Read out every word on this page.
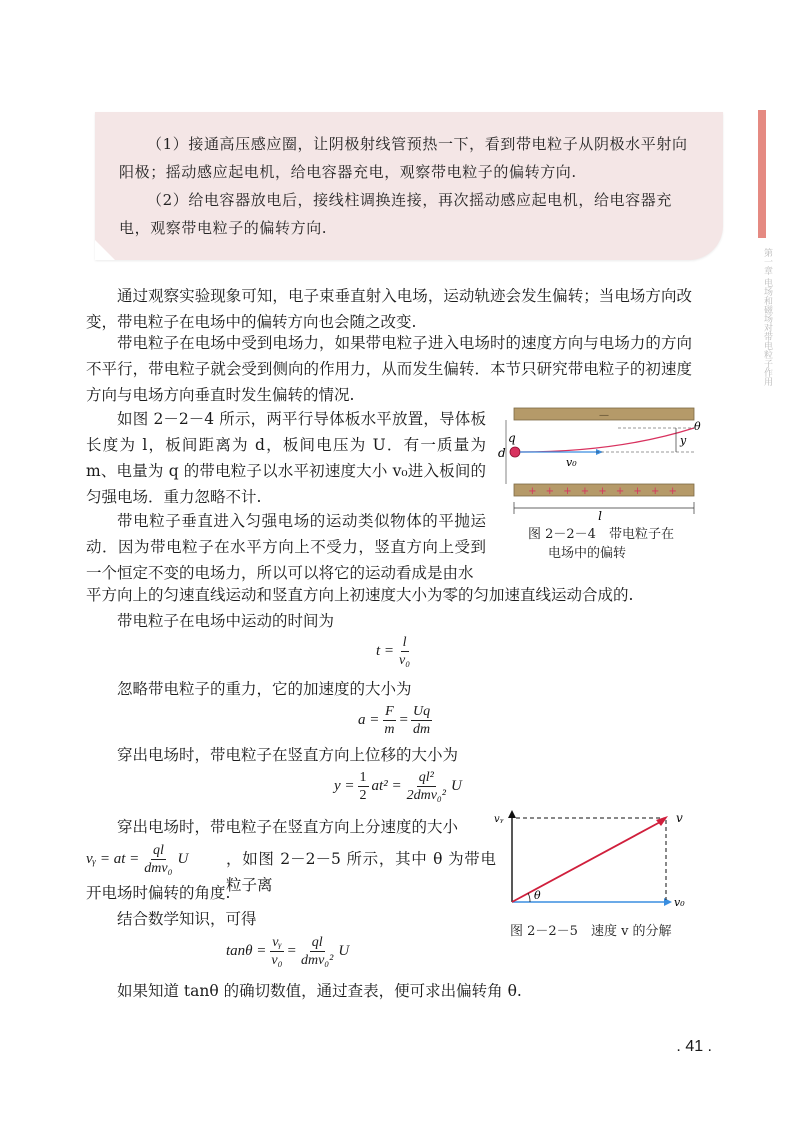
（1）接通高压感应圈，让阴极射线管预热一下，看到带电粒子从阴极水平射向阳极；摇动感应起电机，给电容器充电，观察带电粒子的偏转方向.

（2）给电容器放电后，接线柱调换连接，再次摇动感应起电机，给电容器充电，观察带电粒子的偏转方向.

第一章 电场和磁场对带电粒子作用
通过观察实验现象可知，电子束垂直射入电场，运动轨迹会发生偏转；当电场方向改变，带电粒子在电场中的偏转方向也会随之改变.
带电粒子在电场中受到电场力，如果带电粒子进入电场时的速度方向与电场力的方向不平行，带电粒子就会受到侧向的作用力，从而发生偏转．本节只研究带电粒子的初速度方向与电场方向垂直时发生偏转的情况.
如图 2－2－4 所示，两平行导体板水平放置，导体板长度为 l，板间距离为 d，板间电压为 U．有一质量为 m、电量为 q 的带电粒子以水平初速度大小 v₀进入板间的匀强电场．重力忽略不计.
带电粒子垂直进入匀强电场的运动类似物体的平抛运动．因为带电粒子在水平方向上不受力，竖直方向上受到一个恒定不变的电场力，所以可以将它的运动看成是由水
平方向上的匀速直线运动和竖直方向上初速度大小为零的匀加速直线运动合成的.
带电粒子在电场中运动的时间为
$t = \frac{l}{\text{v₀}}$
忽略带电粒子的重力，它的加速度的大小为
$a = \frac{F}{m} = \frac{Uq}{dm}$
穿出电场时，带电粒子在竖直方向上位移的大小为
$y = \frac{1}{2} at^2 = \frac{\text{ql²}}{\text{2dmv₀²}}$ U
穿出电场时，带电粒子在竖直方向上分速度的大小
vᵧ = at = $\frac{ql}{\text{dmv₀}}$ U ，如图 2－2－5 所示，其中 θ 为带电粒子离
开电场时偏转的角度.
结合数学知识，可得
$\tan\theta = \frac{\text{vᵧ}}{\text{v₀}} = \frac{ql}{\text{dmv₀²}}$ U
如果知道 tanθ 的确切数值，通过查表，便可求出偏转角 θ.
—
+ + + + + + + + +
q
d
v₀
y
θ
l
图 2－2－4　带电粒子在
电场中的偏转
vᵧ	v
v₀
θ
图 2－2－5　速度 v 的分解
. 41 .
